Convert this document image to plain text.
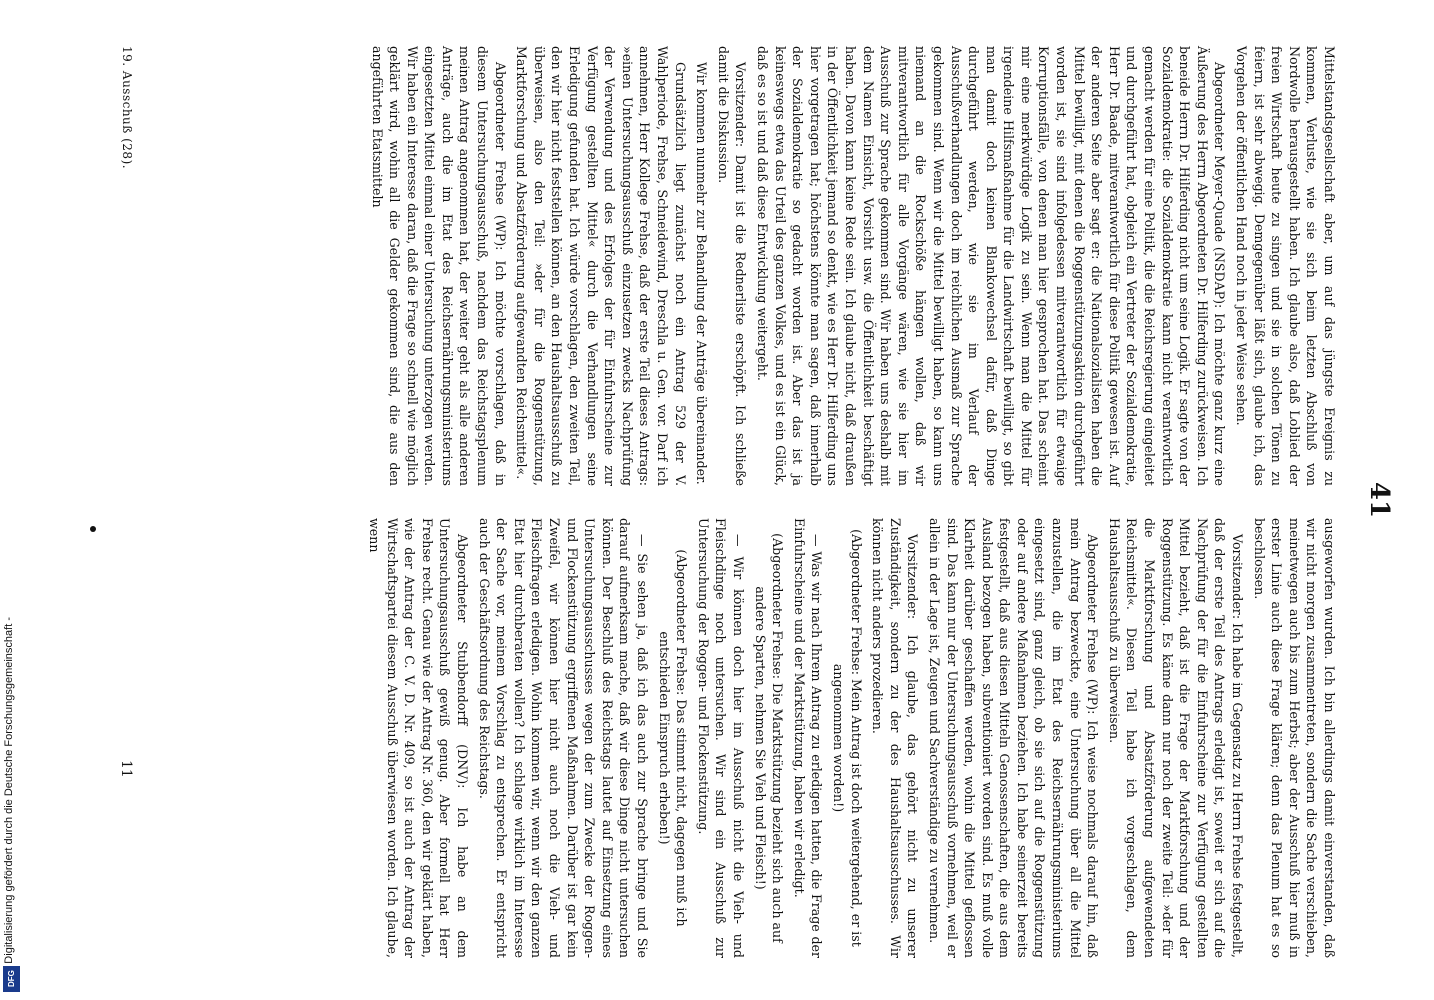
41

Mittelstandsgesellschaft aber, um auf das jüngste Ereignis zu kommen, Verluste, wie sie sich beim letzten Abschluß von Nordwolle herausgestellt haben. Ich glaube also, daß Loblied der freien Wirtschaft heute zu singen und sie in solchen Tönen zu feiern, ist sehr abwegig. Demgegenüber läßt sich, glaube ich, das Vorgehen der öffentlichen Hand noch in jeder Weise sehen.

Abgeordneter Meyer-Quade (NSDAP): Ich möchte ganz kurz eine Äußerung des Herrn Abgeordneten Dr. Hilferding zurückweisen. Ich beneide Herrn Dr. Hilferding nicht um seine Logik. Er sagte von der Sozialdemokratie: die Sozialdemokratie kann nicht verantwortlich gemacht werden für eine Politik, die die Reichsregierung eingeleitet und durchgeführt hat, obgleich ein Vertreter der Sozialdemokratie, Herr Dr. Baade, mitverantwortlich für diese Politik gewesen ist. Auf der anderen Seite aber sagt er: die Nationalsozialisten haben die Mittel bewilligt, mit denen die Roggenstützungsaktion durchgeführt worden ist, sie sind infolgedessen mitverantwortlich für etwaige Korruptionsfälle, von denen man hier gesprochen hat. Das scheint mir eine merkwürdige Logik zu sein. Wenn man die Mittel für irgendeine Hilfsmaßnahme für die Landwirtschaft bewilligt, so gibt man damit doch keinen Blankowechsel dafür, daß Dinge durchgeführt werden, wie sie im Verlauf der Ausschußverhandlungen doch im reichlichen Ausmaß zur Sprache gekommen sind. Wenn wir die Mittel bewilligt haben, so kann uns niemand an die Rockschöße hängen wollen, daß wir mitverantwortlich für alle Vorgänge wären, wie sie hier im Ausschuß zur Sprache gekommen sind. Wir haben uns deshalb mit dem Namen Einsicht, Vorsicht usw. die Öffentlichkeit beschäftigt haben. Davon kann keine Rede sein. Ich glaube nicht, daß draußen in der Öffentlichkeit jemand so denkt, wie es Herr Dr. Hilferding uns hier vorgetragen hat; höchstens könnte man sagen, daß innerhalb der Sozialdemokratie so gedacht worden ist. Aber das ist ja keineswegs etwa das Urteil des ganzen Volkes, und es ist ein Glück, daß es so ist und daß diese Entwicklung weitergeht.

Vorsitzender: Damit ist die Rednerliste erschöpft. Ich schließe damit die Diskussion.

Wir kommen nunmehr zur Behandlung der Anträge übereinander.

Grundsätzlich liegt zunächst noch ein Antrag 529 der V. Wahlperiode, Frehse, Schneidewind, Dreschla u. Gen. vor. Darf ich annehmen, Herr Kollege Frehse, daß der erste Teil dieses Antrags: »einen Untersuchungsausschuß einzusetzen zwecks Nachprüfung der Verwendung und des Erfolges der für Einfuhrscheine zur Verfügung gestellten Mittel« durch die Verhandlungen seine Erledigung gefunden hat. Ich würde vorschlagen, den zweiten Teil, den wir hier nicht feststellen können, an den Haushaltsausschuß zu überweisen, also den Teil: »der für die Roggenstützung, Marktforschung und Absatzförderung aufgewandten Reichsmittel«.

Abgeordneter Frehse (WP): Ich möchte vorschlagen, daß in diesem Untersuchungsausschuß, nachdem das Reichstagsplenum meinen Antrag angenommen hat, der weiter geht als alle anderen Anträge, auch die im Etat des Reichsernährungsministeriums eingesetzten Mittel einmal einer Untersuchung unterzogen werden. Wir haben ein Interesse daran, daß die Frage so schnell wie möglich geklärt wird, wohin all die Gelder gekommen sind, die aus den angeführten Etatsmitteln

ausgeworfen wurden. Ich bin allerdings damit einverstanden, daß wir nicht morgen zusammentreten, sondern die Sache verschieben, meinetwegen auch bis zum Herbst; aber der Ausschuß hier muß in erster Linie auch diese Frage klären; denn das Plenum hat es so beschlossen.

Vorsitzender: Ich habe im Gegensatz zu Herrn Frehse festgestellt, daß der erste Teil des Antrags erledigt ist, soweit er sich auf die Nachprüfung der für die Einfuhrscheine zur Verfügung gestellten Mittel bezieht, daß ist die Frage der Marktforschung und der Roggenstützung. Es käme dann nur noch der zweite Teil: »der für die Marktforschung und Absatzförderung aufgewendeten Reichsmittel«. Diesen Teil habe ich vorgeschlagen, dem Haushaltsausschuß zu überweisen.

Abgeordneter Frehse (WP): Ich weise nochmals darauf hin, daß mein Antrag bezweckte, eine Untersuchung über all die Mittel anzustellen, die im Etat des Reichsernährungsministeriums eingesetzt sind, ganz gleich, ob sie sich auf die Roggenstützung oder auf andere Maßnahmen beziehen. Ich habe seinerzeit bereits festgestellt, daß aus diesen Mitteln Genossenschaften, die aus dem Ausland bezogen haben, subventioniert worden sind. Es muß volle Klarheit darüber geschaffen werden, wohin die Mittel geflossen sind. Das kann nur der Untersuchungsausschuß vornehmen, weil er allein in der Lage ist, Zeugen und Sachverständige zu vernehmen.

Vorsitzender: Ich glaube, das gehört nicht zu unserer Zuständigkeit, sondern zu der des Haushaltsausschusses. Wir können nicht anders prozedieren.

(Abgeordneter Frehse: Mein Antrag ist doch weitergehend, er ist angenommen worden!)

— Was wir nach Ihrem Antrag zu erledigen hatten, die Frage der Einfuhrscheine und der Marktstützung, haben wir erledigt.

(Abgeordneter Frehse: Die Marktstützung bezieht sich auch auf andere Sparten, nehmen Sie Vieh und Fleisch!)

— Wir können doch hier im Ausschuß nicht die Vieh- und Fleischdinge noch untersuchen. Wir sind ein Ausschuß zur Untersuchung der Roggen- und Flockenstützung.

(Abgeordneter Frehse: Das stimmt nicht, dagegen muß ich entschieden Einspruch erheben!)

— Sie sehen ja, daß ich das auch zur Sprache bringe und Sie darauf aufmerksam mache, daß wir diese Dinge nicht untersuchen können. Der Beschluß des Reichstags lautet auf Einsetzung eines Untersuchungsausschusses wegen der zum Zwecke der Roggen- und Flockenstützung ergriffenen Maßnahmen. Darüber ist gar kein Zweifel, wir können hier nicht auch noch die Vieh- und Fleischfragen erledigen. Wohin kommen wir, wenn wir den ganzen Etat hier durchberaten wollen? Ich schlage wirklich im Interesse der Sache vor, meinem Vorschlag zu entsprechen. Er entspricht auch der Geschäftsordnung des Reichstags.

Abgeordneter Stubbendorff (DNV): Ich habe an dem Untersuchungsausschuß gewiß genug. Aber formell hat Herr Frehse recht. Genau wie der Antrag Nr. 360, den wir geklärt haben, wie der Antrag der C. V. D. Nr. 409, so ist auch der Antrag der Wirtschaftspartei diesem Ausschuß überwiesen worden. Ich glaube, wenn

19. Ausschuß (28).
11
Digitalisierung gefördert durch die Deutsche Forschungsgemeinschaft -
DFG
